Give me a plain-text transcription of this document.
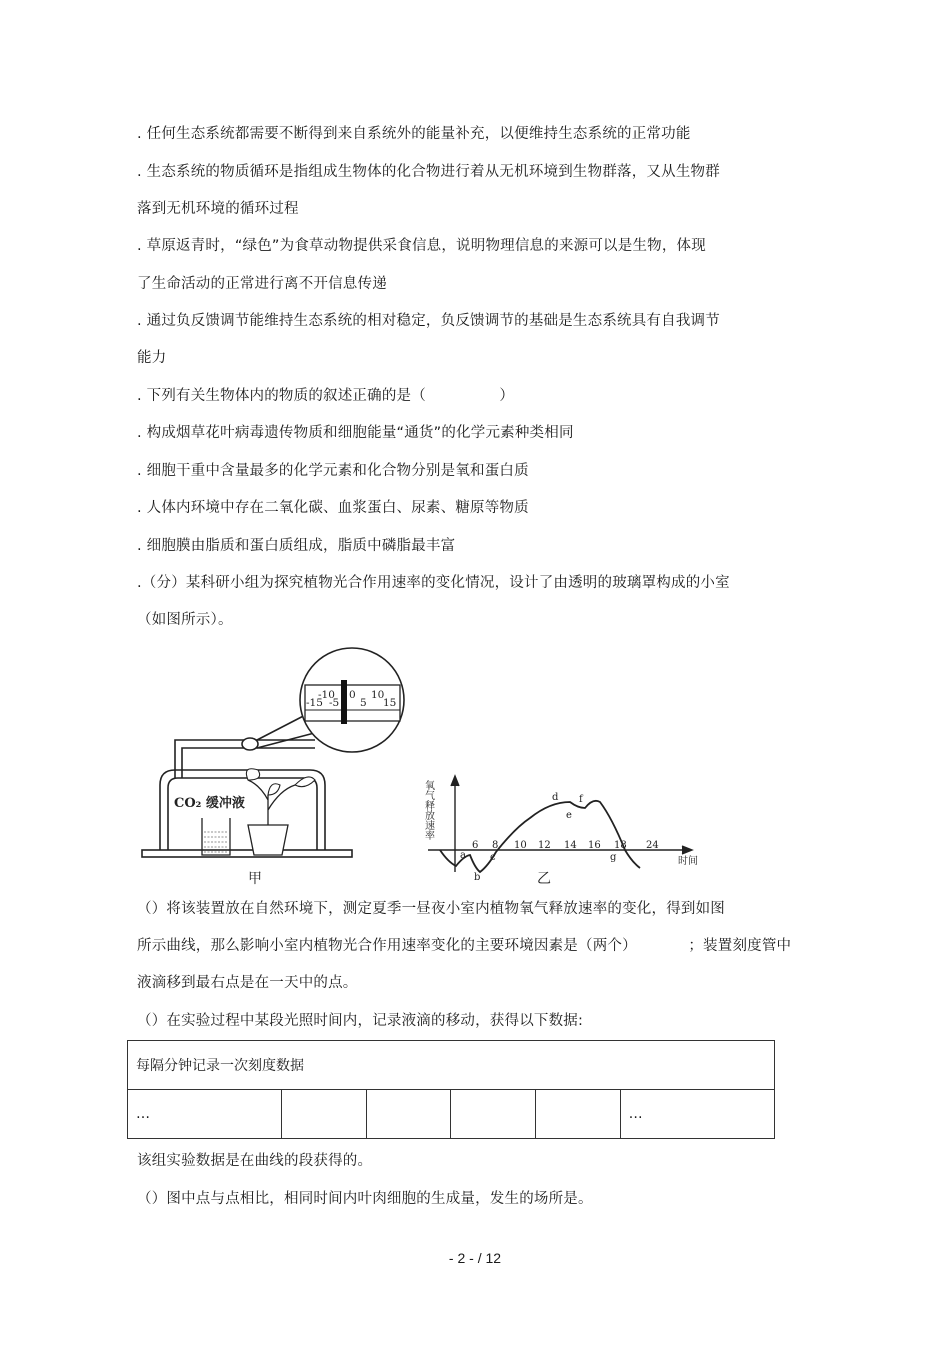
. 任何生态系统都需要不断得到来自系统外的能量补充，以便维持生态系统的正常功能
. 生态系统的物质循环是指组成生物体的化合物进行着从无机环境到生物群落，又从生物群
落到无机环境的循环过程
. 草原返青时，“绿色”为食草动物提供采食信息，说明物理信息的来源可以是生物，体现
了生命活动的正常进行离不开信息传递
. 通过负反馈调节能维持生态系统的相对稳定，负反馈调节的基础是生态系统具有自我调节
能力
. 下列有关生物体内的物质的叙述正确的是（　　　　　）
. 构成烟草花叶病毒遗传物质和细胞能量“通货”的化学元素种类相同
. 细胞干重中含量最多的化学元素和化合物分别是氧和蛋白质
. 人体内环境中存在二氧化碳、血浆蛋白、尿素、糖原等物质
. 细胞膜由脂质和蛋白质组成，脂质中磷脂最丰富
.（分）某科研小组为探究植物光合作用速率的变化情况，设计了由透明的玻璃罩构成的小室
（如图所示）。
-15
-10
-5
0
5
10
15
CO₂ 缓冲液
甲
氧气释放速率
时间
6 8 10 12 14 16 18 24
a
b
c
d
e
f
g
乙
（）将该装置放在自然环境下，测定夏季一昼夜小室内植物氧气释放速率的变化，得到如图
所示曲线，那么影响小室内植物光合作用速率变化的主要环境因素是（两个）　　　　；装置刻度管中
液滴移到最右点是在一天中的点。
（）在实验过程中某段光照时间内，记录液滴的移动，获得以下数据:
每隔分钟记录一次刻度数据
…					…
该组实验数据是在曲线的段获得的。
（）图中点与点相比，相同时间内叶肉细胞的生成量，发生的场所是。
- 2 - / 12
